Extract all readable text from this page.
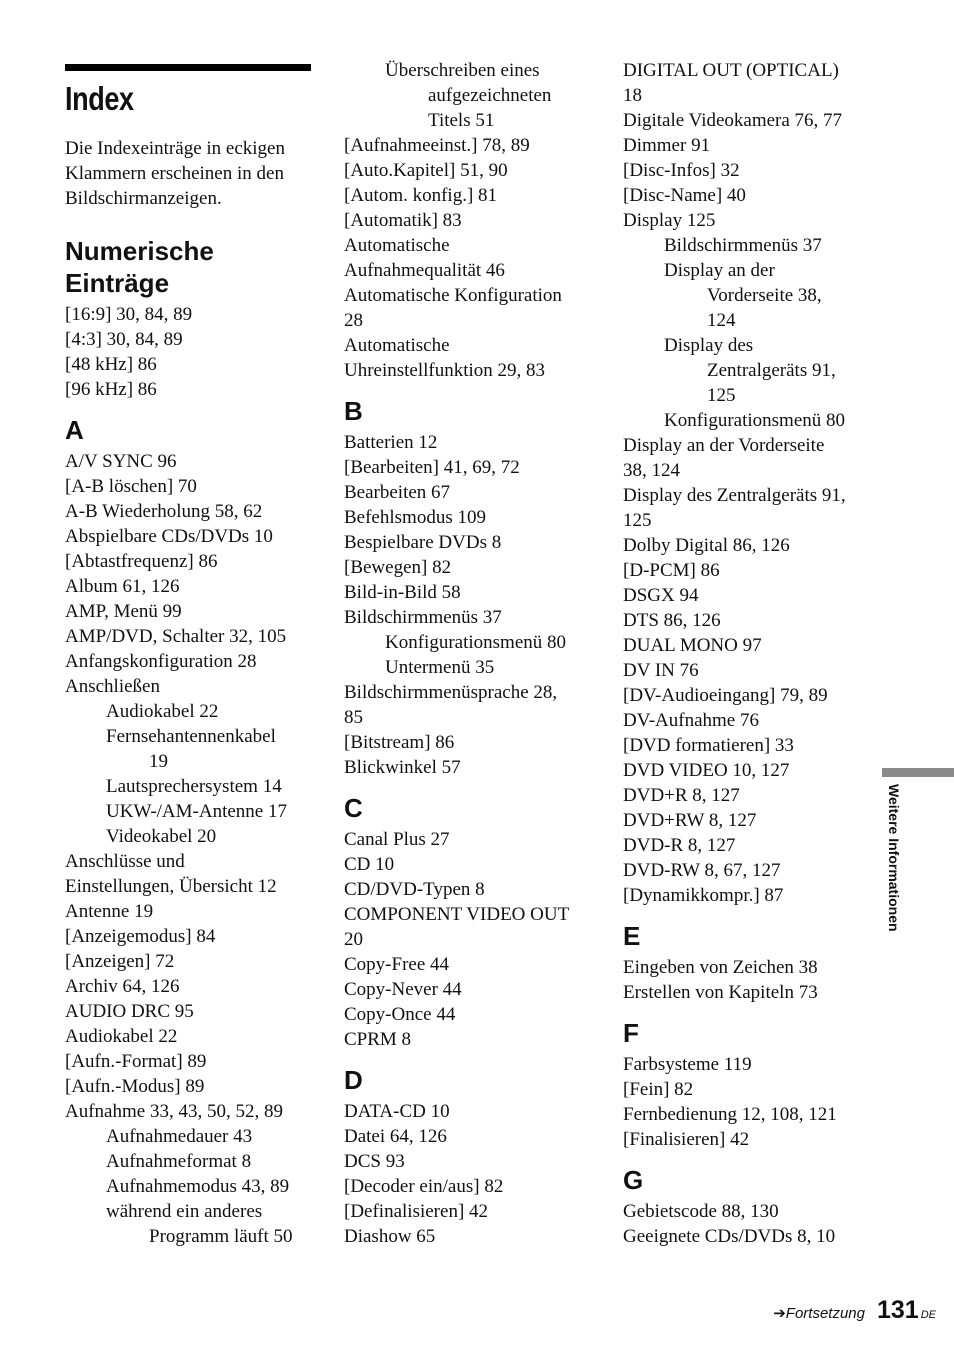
Index
Die Indexeinträge in eckigen Klammern erscheinen in den Bildschirmanzeigen.
Numerische Einträge
[16:9] 30, 84, 89
[4:3] 30, 84, 89
[48 kHz] 86
[96 kHz] 86
A
A/V SYNC 96
[A-B löschen] 70
A-B Wiederholung 58, 62
Abspielbare CDs/DVDs 10
[Abtastfrequenz] 86
Album 61, 126
AMP, Menü 99
AMP/DVD, Schalter 32, 105
Anfangskonfiguration 28
Anschließen
Audiokabel 22
Fernsehantennenkabel
19
Lautsprechersystem 14
UKW-/AM-Antenne 17
Videokabel 20
Anschlüsse und
Einstellungen, Übersicht 12
Antenne 19
[Anzeigemodus] 84
[Anzeigen] 72
Archiv 64, 126
AUDIO DRC 95
Audiokabel 22
[Aufn.-Format] 89
[Aufn.-Modus] 89
Aufnahme 33, 43, 50, 52, 89
Aufnahmedauer 43
Aufnahmeformat 8
Aufnahmemodus 43, 89
während ein anderes
Programm läuft 50
Überschreiben eines
aufgezeichneten
Titels 51
[Aufnahmeeinst.] 78, 89
[Auto.Kapitel] 51, 90
[Autom. konfig.] 81
[Automatik] 83
Automatische
Aufnahmequalität 46
Automatische Konfiguration
28
Automatische
Uhreinstellfunktion 29, 83
B
Batterien 12
[Bearbeiten] 41, 69, 72
Bearbeiten 67
Befehlsmodus 109
Bespielbare DVDs 8
[Bewegen] 82
Bild-in-Bild 58
Bildschirmmenüs 37
Konfigurationsmenü 80
Untermenü 35
Bildschirmmenüsprache 28,
85
[Bitstream] 86
Blickwinkel 57
C
Canal Plus 27
CD 10
CD/DVD-Typen 8
COMPONENT VIDEO OUT
20
Copy-Free 44
Copy-Never 44
Copy-Once 44
CPRM 8
D
DATA-CD 10
Datei 64, 126
DCS 93
[Decoder ein/aus] 82
[Definalisieren] 42
Diashow 65
DIGITAL OUT (OPTICAL)
18
Digitale Videokamera 76, 77
Dimmer 91
[Disc-Infos] 32
[Disc-Name] 40
Display 125
Bildschirmmenüs 37
Display an der
Vorderseite 38,
124
Display des
Zentralgeräts 91,
125
Konfigurationsmenü 80
Display an der Vorderseite
38, 124
Display des Zentralgeräts 91,
125
Dolby Digital 86, 126
[D-PCM] 86
DSGX 94
DTS 86, 126
DUAL MONO 97
DV IN 76
[DV-Audioeingang] 79, 89
DV-Aufnahme 76
[DVD formatieren] 33
DVD VIDEO 10, 127
DVD+R 8, 127
DVD+RW 8, 127
DVD-R 8, 127
DVD-RW 8, 67, 127
[Dynamikkompr.] 87
E
Eingeben von Zeichen 38
Erstellen von Kapiteln 73
F
Farbsysteme 119
[Fein] 82
Fernbedienung 12, 108, 121
[Finalisieren] 42
G
Gebietscode 88, 130
Geeignete CDs/DVDs 8, 10
Weitere Informationen
➔ Fortsetzung 131 DE
